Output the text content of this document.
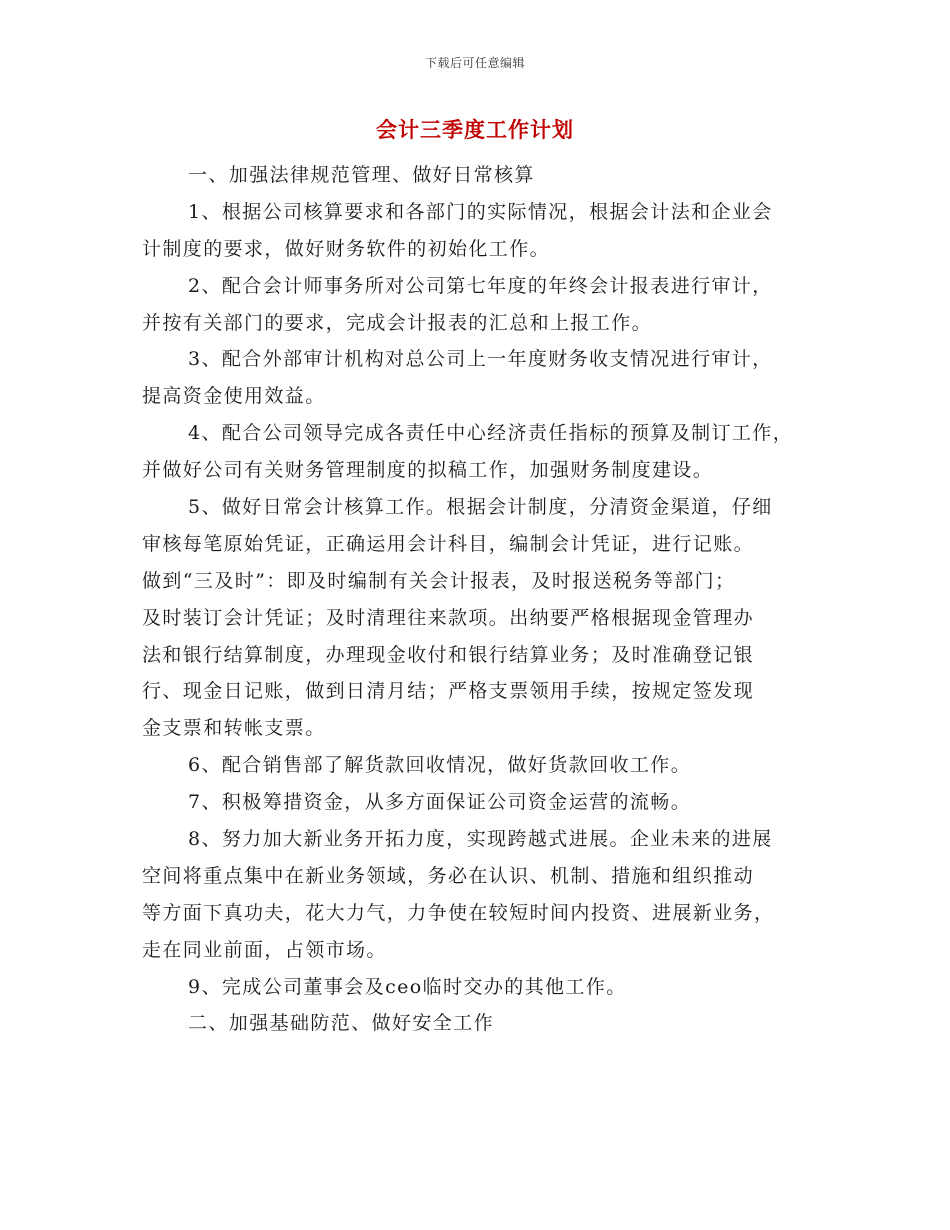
下载后可任意编辑
会计三季度工作计划
一、加强法律规范管理、做好日常核算
1、根据公司核算要求和各部门的实际情况，根据会计法和企业会
计制度的要求，做好财务软件的初始化工作。
2、配合会计师事务所对公司第七年度的年终会计报表进行审计，
并按有关部门的要求，完成会计报表的汇总和上报工作。
3、配合外部审计机构对总公司上一年度财务收支情况进行审计，
提高资金使用效益。
4、配合公司领导完成各责任中心经济责任指标的预算及制订工作，
并做好公司有关财务管理制度的拟稿工作，加强财务制度建设。
5、做好日常会计核算工作。根据会计制度，分清资金渠道，仔细
审核每笔原始凭证，正确运用会计科目，编制会计凭证，进行记账。
做到“三及时”：即及时编制有关会计报表，及时报送税务等部门；
及时装订会计凭证；及时清理往来款项。出纳要严格根据现金管理办
法和银行结算制度，办理现金收付和银行结算业务；及时准确登记银
行、现金日记账，做到日清月结；严格支票领用手续，按规定签发现
金支票和转帐支票。
6、配合销售部了解货款回收情况，做好货款回收工作。
7、积极筹措资金，从多方面保证公司资金运营的流畅。
8、努力加大新业务开拓力度，实现跨越式进展。企业未来的进展
空间将重点集中在新业务领域，务必在认识、机制、措施和组织推动
等方面下真功夫，花大力气，力争使在较短时间内投资、进展新业务，
走在同业前面，占领市场。
9、完成公司董事会及ceo临时交办的其他工作。
二、加强基础防范、做好安全工作
